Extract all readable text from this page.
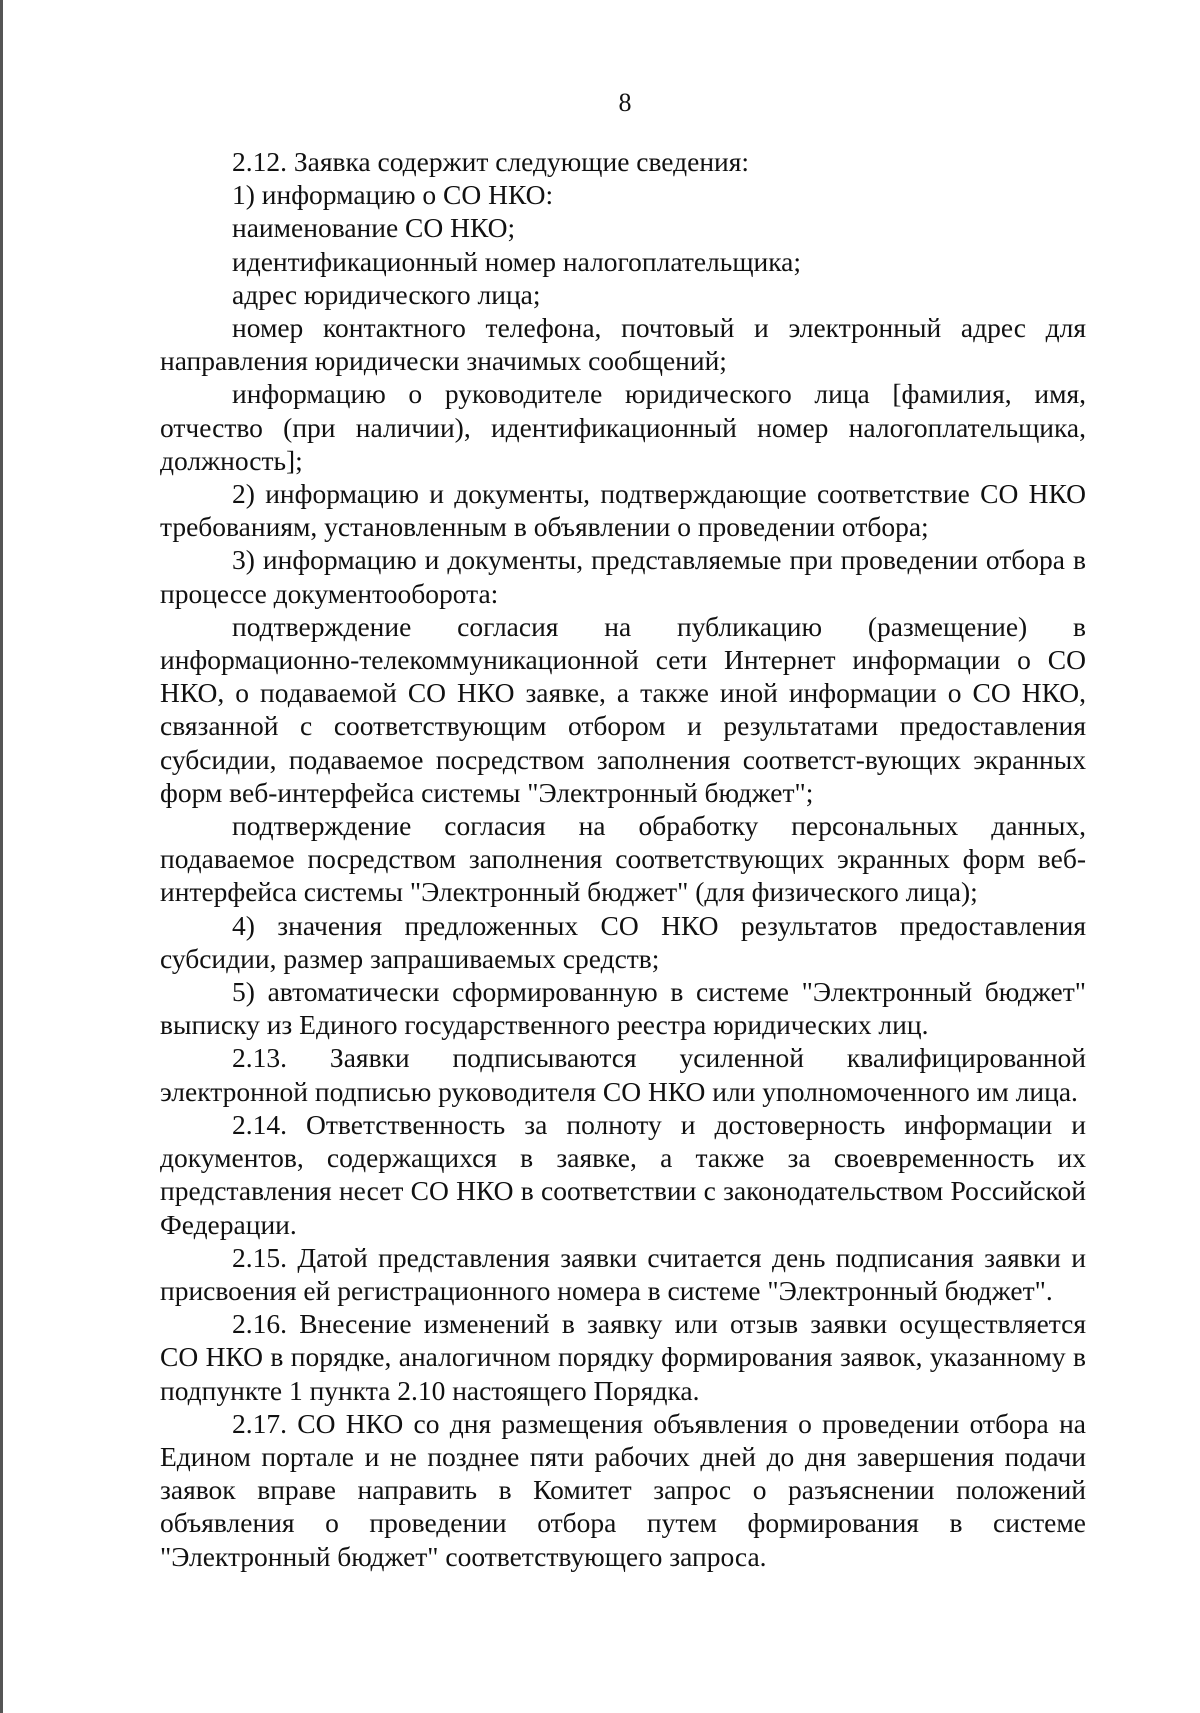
8

2.12. Заявка содержит следующие сведения:

1) информацию о СО НКО:

наименование СО НКО;

идентификационный номер налогоплательщика;

адрес юридического лица;

номер контактного телефона, почтовый и электронный адрес для направления юридически значимых сообщений;

информацию о руководителе юридического лица [фамилия, имя, отчество (при наличии), идентификационный номер налогоплательщика, должность];

2) информацию и документы, подтверждающие соответствие СО НКО требованиям, установленным в объявлении о проведении отбора;

3) информацию и документы, представляемые при проведении отбора в процессе документооборота:

подтверждение согласия на публикацию (размещение) в информационно-телекоммуникационной сети Интернет информации о СО НКО, о подаваемой СО НКО заявке, а также иной информации о СО НКО, связанной с соответствующим отбором и результатами предоставления субсидии, подаваемое посредством заполнения соответст-вующих экранных форм веб-интерфейса системы "Электронный бюджет";

подтверждение согласия на обработку персональных данных, подаваемое посредством заполнения соответствующих экранных форм веб-интерфейса системы "Электронный бюджет" (для физического лица);

4) значения предложенных СО НКО результатов предоставления субсидии, размер запрашиваемых средств;

5) автоматически сформированную в системе "Электронный бюджет" выписку из Единого государственного реестра юридических лиц.

2.13. Заявки подписываются усиленной квалифицированной электронной подписью руководителя СО НКО или уполномоченного им лица.

2.14. Ответственность за полноту и достоверность информации и документов, содержащихся в заявке, а также за своевременность их представления несет СО НКО в соответствии с законодательством Российской Федерации.

2.15. Датой представления заявки считается день подписания заявки и присвоения ей регистрационного номера в системе "Электронный бюджет".

2.16. Внесение изменений в заявку или отзыв заявки осуществляется СО НКО в порядке, аналогичном порядку формирования заявок, указанному в подпункте 1 пункта 2.10 настоящего Порядка.

2.17. СО НКО со дня размещения объявления о проведении отбора на Едином портале и не позднее пяти рабочих дней до дня завершения подачи заявок вправе направить в Комитет запрос о разъяснении положений объявления о проведении отбора путем формирования в системе "Электронный бюджет" соответствующего запроса.
